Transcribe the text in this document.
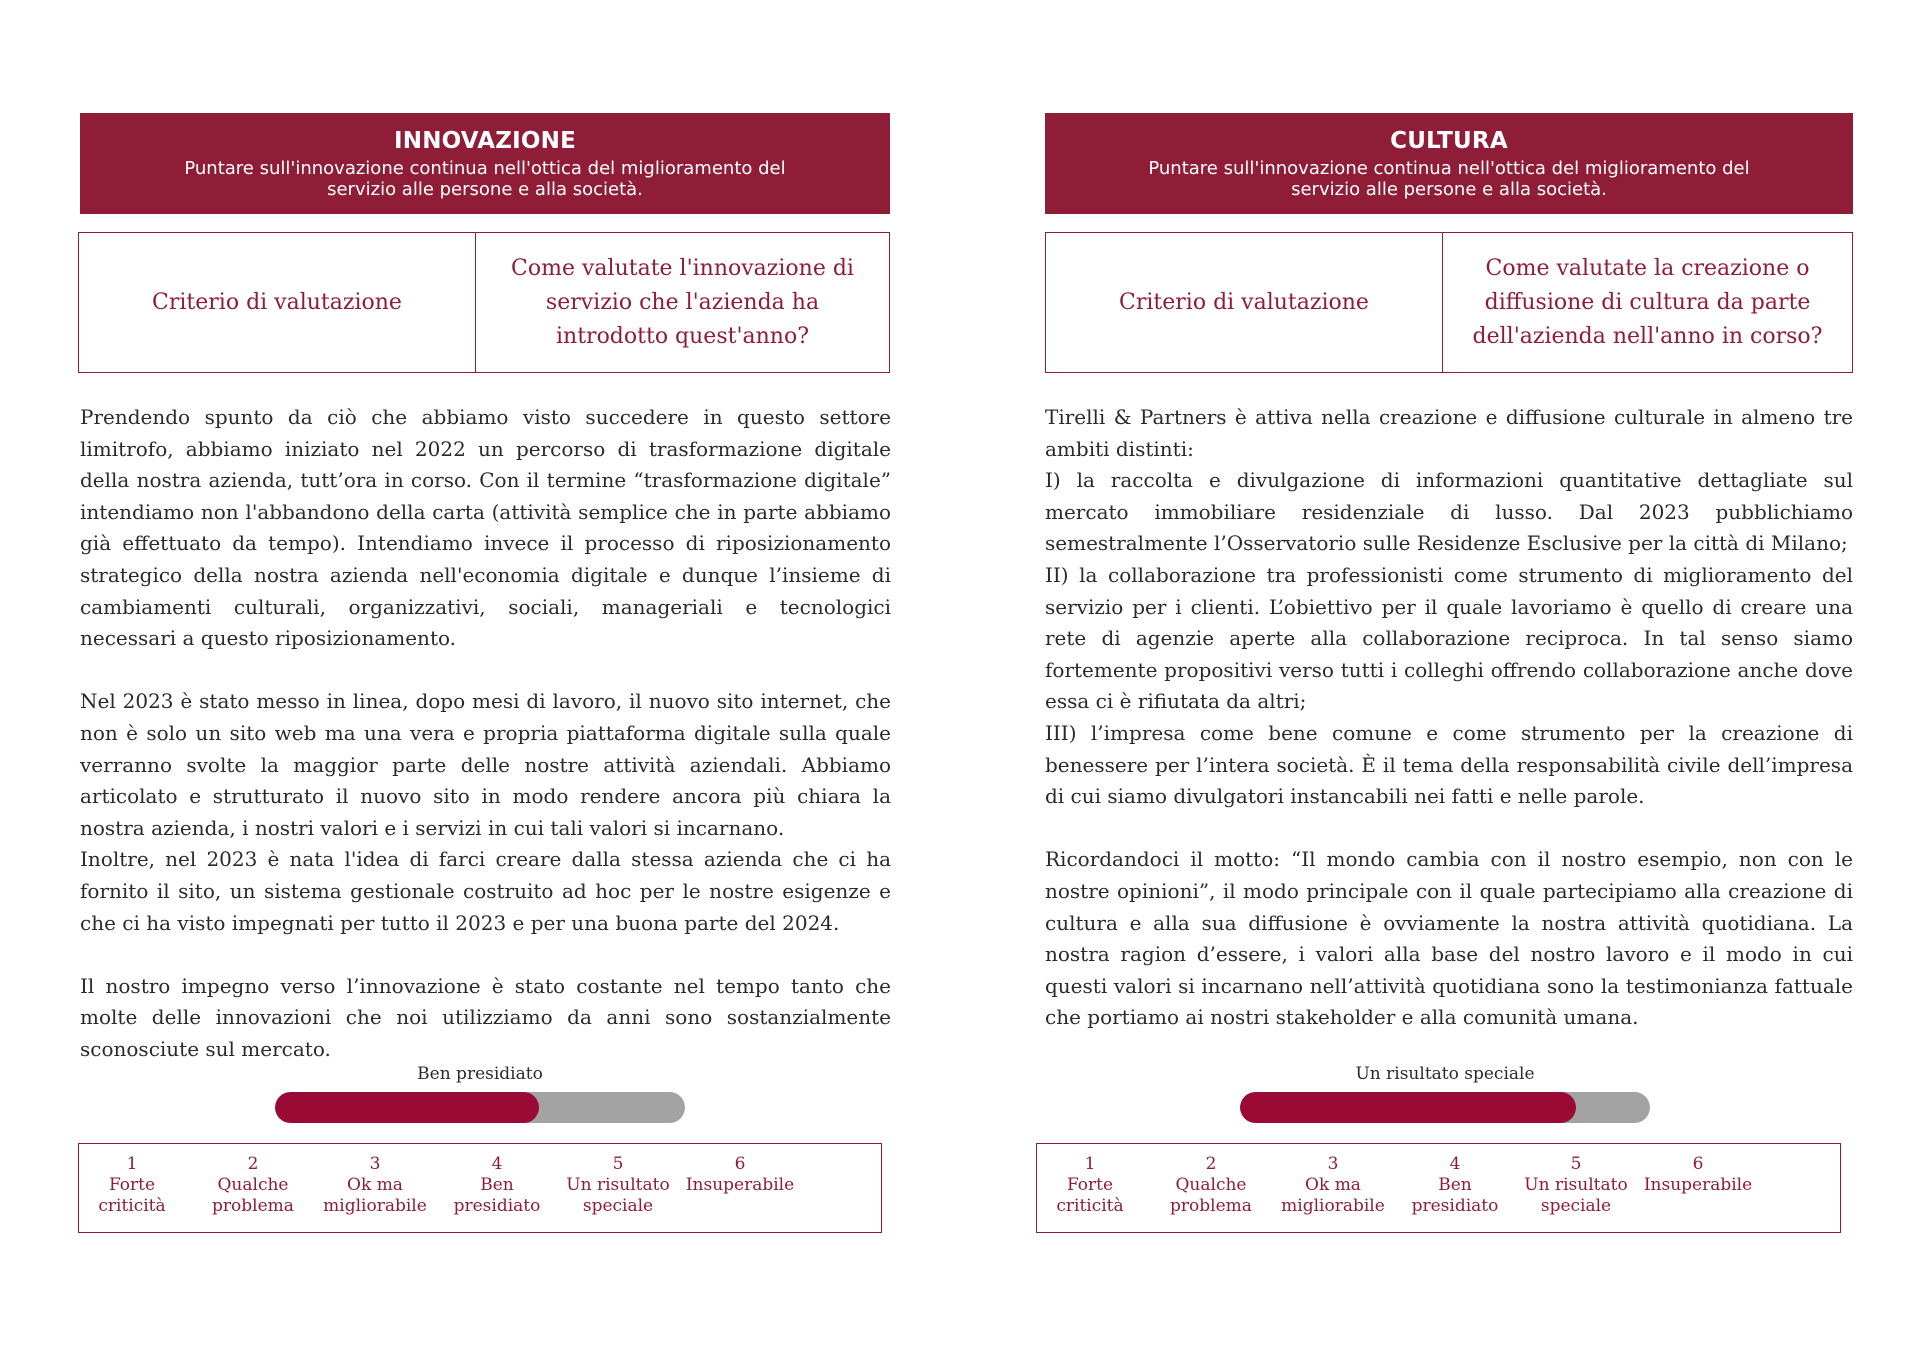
INNOVAZIONE
Puntare sull'innovazione continua nell'ottica del miglioramento del servizio alle persone e alla società.
Criterio di valutazione
Come valutate l'innovazione di servizio che l'azienda ha introdotto quest'anno?

Prendendo spunto da ciò che abbiamo visto succedere in questo settore limitrofo, abbiamo iniziato nel 2022 un percorso di trasformazione digitale della nostra azienda, tutt’ora in corso. Con il termine “trasformazione digitale” intendiamo non l'abbandono della carta (attività semplice che in parte abbiamo già effettuato da tempo). Intendiamo invece il processo di riposizionamento strategico della nostra azienda nell'economia digitale e dunque l’insieme di cambiamenti culturali, organizzativi, sociali, manageriali e tecnologici necessari a questo riposizionamento.

Nel 2023 è stato messo in linea, dopo mesi di lavoro, il nuovo sito internet, che non è solo un sito web ma una vera e propria piattaforma digitale sulla quale verranno svolte la maggior parte delle nostre attività aziendali. Abbiamo articolato e strutturato il nuovo sito in modo rendere ancora più chiara la nostra azienda, i nostri valori e i servizi in cui tali valori si incarnano.

Inoltre, nel 2023 è nata l'idea di farci creare dalla stessa azienda che ci ha fornito il sito, un sistema gestionale costruito ad hoc per le nostre esigenze e che ci ha visto impegnati per tutto il 2023 e per una buona parte del 2024.

Il nostro impegno verso l’innovazione è stato costante nel tempo tanto che molte delle innovazioni che noi utilizziamo da anni sono sostanzialmente sconosciute sul mercato.

Ben presidiato
1
Forte
criticità
2
Qualche
problema
3
Ok ma
migliorabile
4
Ben
presidiato
5
Un risultato
speciale
6
Insuperabile
CULTURA
Puntare sull'innovazione continua nell'ottica del miglioramento del servizio alle persone e alla società.
Criterio di valutazione
Come valutate la creazione o diffusione di cultura da parte dell'azienda nell'anno in corso?

Tirelli & Partners è attiva nella creazione e diffusione culturale in almeno tre ambiti distinti:

I) la raccolta e divulgazione di informazioni quantitative dettagliate sul mercato immobiliare residenziale di lusso. Dal 2023 pubblichiamo semestralmente l’Osservatorio sulle Residenze Esclusive per la città di Milano;

II) la collaborazione tra professionisti come strumento di miglioramento del servizio per i clienti. L’obiettivo per il quale lavoriamo è quello di creare una rete di agenzie aperte alla collaborazione reciproca. In tal senso siamo fortemente propositivi verso tutti i colleghi offrendo collaborazione anche dove essa ci è rifiutata da altri;

III) l’impresa come bene comune e come strumento per la creazione di benessere per l’intera società. È il tema della responsabilità civile dell’impresa di cui siamo divulgatori instancabili nei fatti e nelle parole.

Ricordandoci il motto: “Il mondo cambia con il nostro esempio, non con le nostre opinioni”, il modo principale con il quale partecipiamo alla creazione di cultura e alla sua diffusione è ovviamente la nostra attività quotidiana. La nostra ragion d’essere, i valori alla base del nostro lavoro e il modo in cui questi valori si incarnano nell’attività quotidiana sono la testimonianza fattuale che portiamo ai nostri stakeholder e alla comunità umana.

Un risultato speciale
1
Forte
criticità
2
Qualche
problema
3
Ok ma
migliorabile
4
Ben
presidiato
5
Un risultato
speciale
6
Insuperabile
